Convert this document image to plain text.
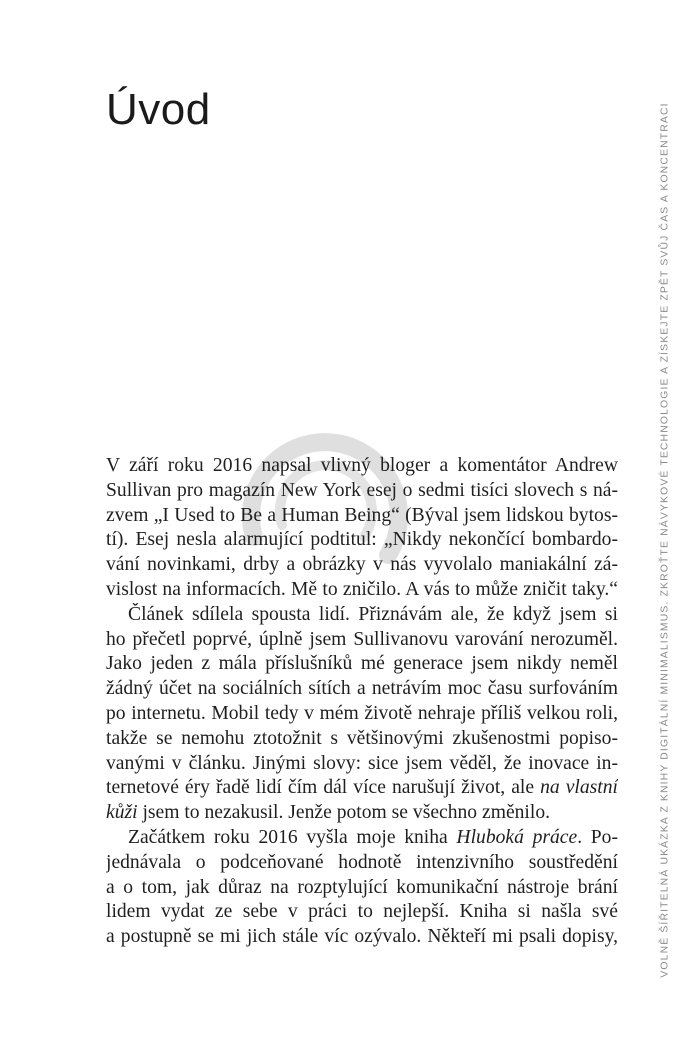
Úvod
V září roku 2016 napsal vlivný bloger a komentátor Andrew
Sullivan pro magazín New York esej o sedmi tisíci slovech s ná-
zvem „I Used to Be a Human Being“ (Býval jsem lidskou bytos-
tí). Esej nesla alarmující podtitul: „Nikdy nekončící bombardo-
vání novinkami, drby a obrázky v nás vyvolalo maniakální zá-
vislost na informacích. Mě to zničilo. A vás to může zničit taky.“
Článek sdílela spousta lidí. Přiznávám ale, že když jsem si
ho přečetl poprvé, úplně jsem Sullivanovu varování nerozuměl.
Jako jeden z mála příslušníků mé generace jsem nikdy neměl
žádný účet na sociálních sítích a netrávím moc času surfováním
po internetu. Mobil tedy v mém životě nehraje příliš velkou roli,
takže se nemohu ztotožnit s většinovými zkušenostmi popiso-
vanými v článku. Jinými slovy: sice jsem věděl, že inovace in-
ternetové éry řadě lidí čím dál více narušují život, ale na vlastní
kůži jsem to nezakusil. Jenže potom se všechno změnilo.
Začátkem roku 2016 vyšla moje kniha Hluboká práce. Po-
jednávala o podceňované hodnotě intenzivního soustředění
a o tom, jak důraz na rozptylující komunikační nástroje brání
lidem vydat ze sebe v práci to nejlepší. Kniha si našla své
a postupně se mi jich stále víc ozývalo. Někteří mi psali dopisy,	VOLNĚ ŠÍŘITELNÁ UKÁZKA Z KNIHY DIGITÁLNÍ MINIMALISMUS. ZKROŤTE NÁVYKOVÉ TECHNOLOGIE A ZÍSKEJTE ZPĚT SVŮJ ČAS A KONCENTRACI
